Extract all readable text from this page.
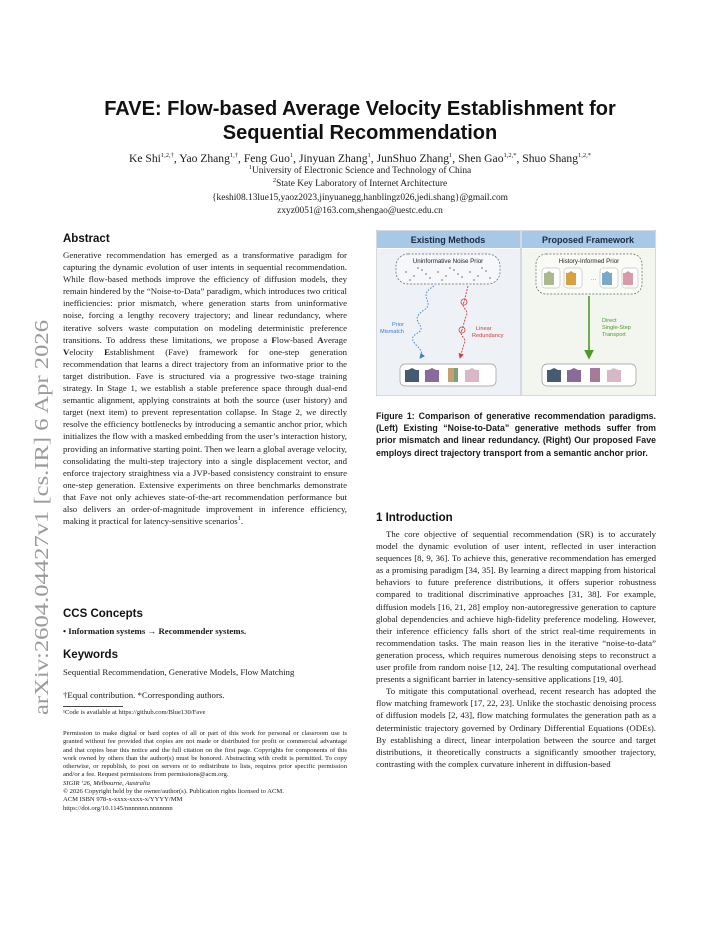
arXiv:2604.04427v1 [cs.IR] 6 Apr 2026
FAVE: Flow-based Average Velocity Establishment for Sequential Recommendation
Ke Shi$^{1,2,\dagger}$, Yao Zhang$^{1,\dagger}$, Feng Guo$^1$, Jinyuan Zhang$^1$, JunShuo Zhang$^1$, Shen Gao$^{1,2,*}$, Shuo Shang$^{1,2,*}$
$^1$University of Electronic Science and Technology of China
$^2$State Key Laboratory of Internet Architecture
{keshi08.13lue15,yaoz2023,jinyuanegg,hanblingz026,jedi.shang}@gmail.com
zxyz0051@163.com,shengao@uestc.edu.cn
Abstract
Generative recommendation has emerged as a transformative paradigm for capturing the dynamic evolution of user intents in sequential recommendation. While flow-based methods improve the efficiency of diffusion models, they remain hindered by the “Noise-to-Data” paradigm, which introduces two critical inefficiencies: prior mismatch, where generation starts from uninformative noise, forcing a lengthy recovery trajectory; and linear redundancy, where iterative solvers waste computation on modeling deterministic preference transitions. To address these limitations, we propose a Flow-based Average Velocity Establishment (Fave) framework for one-step generation recommendation that learns a direct trajectory from an informative prior to the target distribution. Fave is structured via a progressive two-stage training strategy. In Stage 1, we establish a stable preference space through dual-end semantic alignment, applying constraints at both the source (user history) and target (next item) to prevent representation collapse. In Stage 2, we directly resolve the efficiency bottlenecks by introducing a semantic anchor prior, which initializes the flow with a masked embedding from the user’s interaction history, providing an informative starting point. Then we learn a global average velocity, consolidating the multi-step trajectory into a single displacement vector, and enforce trajectory straightness via a JVP-based consistency constraint to ensure one-step generation. Extensive experiments on three benchmarks demonstrate that Fave not only achieves state-of-the-art recommendation performance but also delivers an order-of-magnitude improvement in inference efficiency, making it practical for latency-sensitive scenarios$^1$.
CCS Concepts
• Information systems → Recommender systems.
Keywords
Sequential Recommendation, Generative Models, Flow Matching
†Equal contribution. *Corresponding authors.
¹Code is available at https://github.com/Blue130/Fave

Permission to make digital or hard copies of all or part of this work for personal or classroom use is granted without fee provided that copies are not made or distributed for profit or commercial advantage and that copies bear this notice and the full citation on the first page. Copyrights for components of this work owned by others than the author(s) must be honored. Abstracting with credit is permitted. To copy otherwise, or republish, to post on servers or to redistribute to lists, requires prior specific permission and/or a fee. Request permissions from permissions@acm.org.

SIGIR ’26, Melbourne, Australia

© 2026 Copyright held by the owner/author(s). Publication rights licensed to ACM.

ACM ISBN 978-x-xxxx-xxxx-x/YYYY/MM

https://doi.org/10.1145/nnnnnnn.nnnnnnn

Existing Methods	Proposed Framework
Uninformative Noise Prior
Prior
Mismatch	Linear
Redundancy
History-Informed Prior
…
Direct
Single-Step
Transport
Figure 1: Comparison of generative recommendation paradigms. (Left) Existing “Noise-to-Data” generative methods suffer from prior mismatch and linear redundancy. (Right) Our proposed Fave employs direct trajectory transport from a semantic anchor prior.
1 Introduction

The core objective of sequential recommendation (SR) is to accurately model the dynamic evolution of user intent, reflected in user interaction sequences [8, 9, 36]. To achieve this, generative recommendation has emerged as a promising paradigm [34, 35]. By learning a direct mapping from historical behaviors to future preference distributions, it offers superior robustness compared to traditional discriminative approaches [31, 38]. For example, diffusion models [16, 21, 28] employ non-autoregressive generation to capture global dependencies and achieve high-fidelity preference modeling. However, their inference efficiency falls short of the strict real-time requirements in recommendation tasks. The main reason lies in the iterative “noise-to-data” generation process, which requires numerous denoising steps to reconstruct a user profile from random noise [12, 24]. The resulting computational overhead presents a significant barrier in latency-sensitive applications [19, 40].

To mitigate this computational overhead, recent research has adopted the flow matching framework [17, 22, 23]. Unlike the stochastic denoising process of diffusion models [2, 43], flow matching formulates the generation path as a deterministic trajectory governed by Ordinary Differential Equations (ODEs). By establishing a direct, linear interpolation between the source and target distributions, it theoretically constructs a significantly smoother trajectory, contrasting with the complex curvature inherent in diffusion-based
